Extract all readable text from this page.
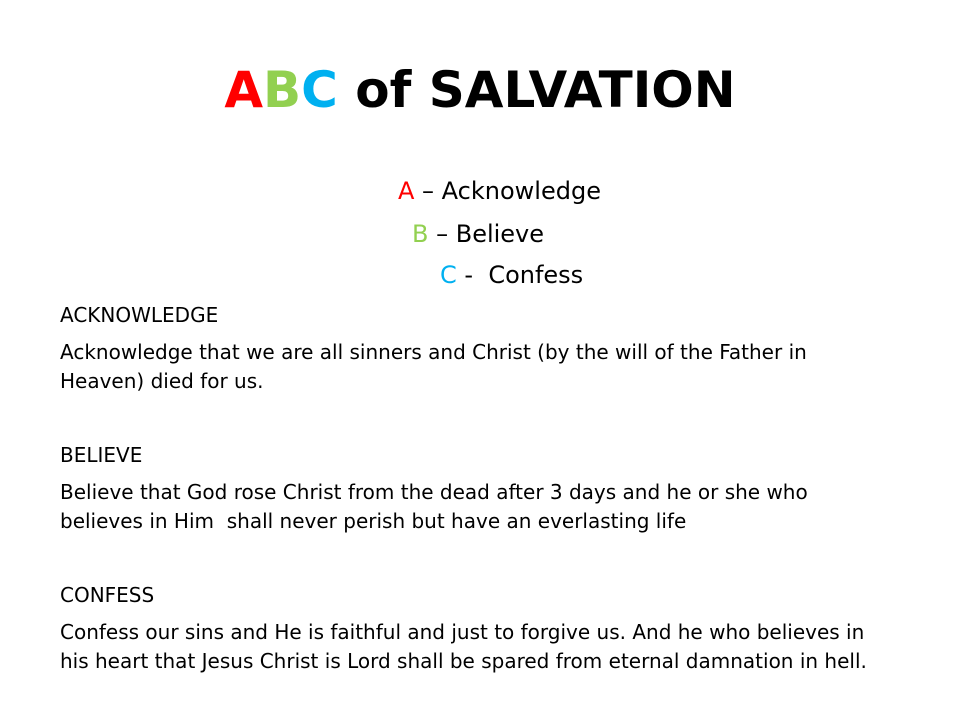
ABC of SALVATION
A – Acknowledge
B – Believe
C -  Confess
ACKNOWLEDGE
Acknowledge that we are all sinners and Christ (by the will of the Father in
Heaven) died for us.
BELIEVE
Believe that God rose Christ from the dead after 3 days and he or she who
believes in Him  shall never perish but have an everlasting life
CONFESS
Confess our sins and He is faithful and just to forgive us. And he who believes in
his heart that Jesus Christ is Lord shall be spared from eternal damnation in hell.
